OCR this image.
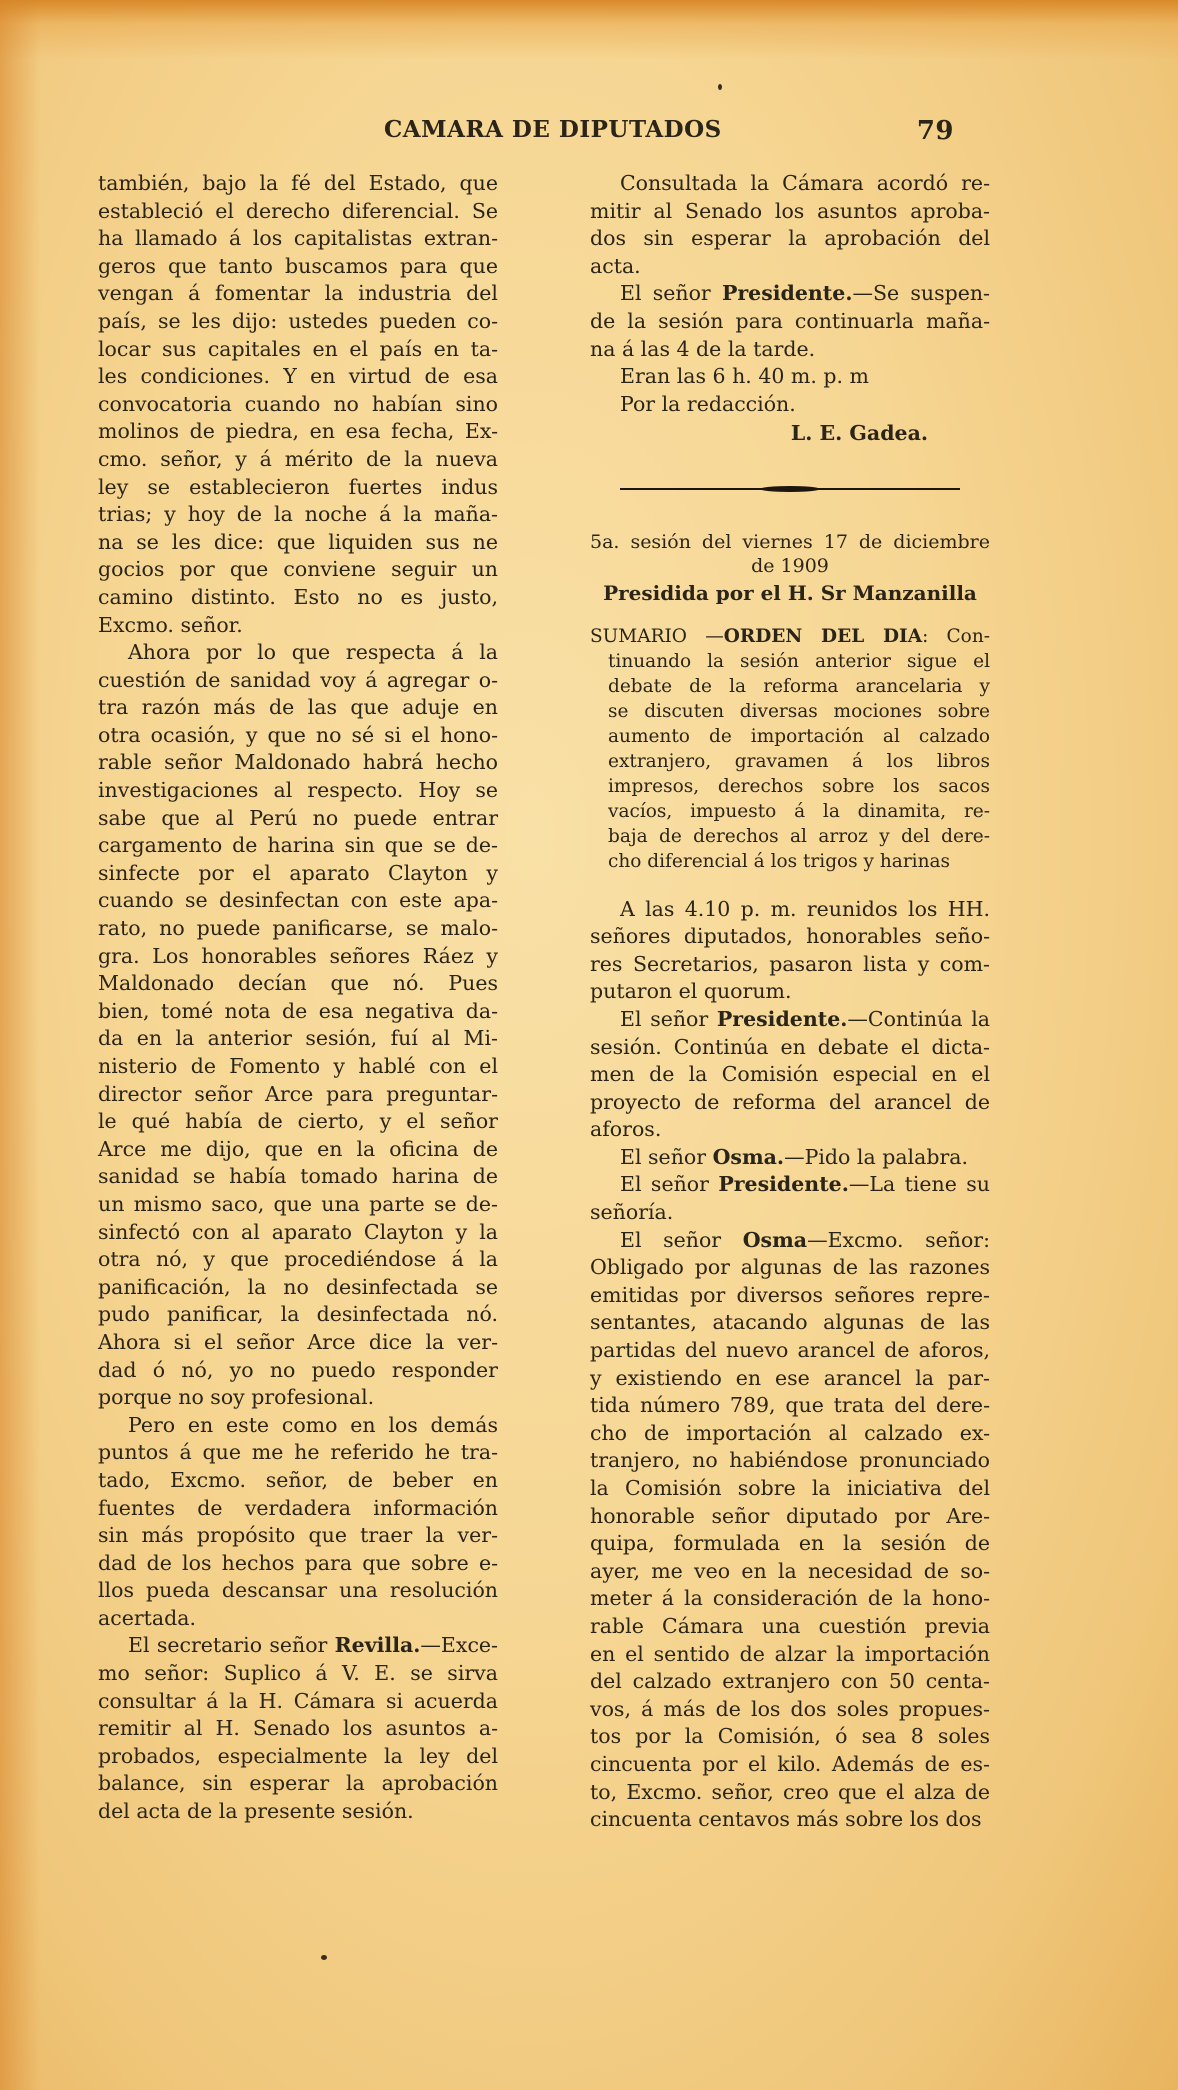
CAMARA DE DIPUTADOS	79
también, bajo la fé del Estado, que
estableció el derecho diferencial. Se
ha llamado á los capitalistas extran-
geros que tanto buscamos para que
vengan á fomentar la industria del
país, se les dijo: ustedes pueden co-
locar sus capitales en el país en ta-
les condiciones. Y en virtud de esa
convocatoria cuando no habían sino
molinos de piedra, en esa fecha, Ex-
cmo. señor, y á mérito de la nueva
ley se establecieron fuertes indus
trias; y hoy de la noche á la maña-
na se les dice: que liquiden sus ne
gocios por que conviene seguir un
camino distinto. Esto no es justo,
Excmo. señor.
Ahora por lo que respecta á la
cuestión de sanidad voy á agregar o-
tra razón más de las que aduje en
otra ocasión, y que no sé si el hono-
rable señor Maldonado habrá hecho
investigaciones al respecto. Hoy se
sabe que al Perú no puede entrar
cargamento de harina sin que se de-
sinfecte por el aparato Clayton y
cuando se desinfectan con este apa-
rato, no puede panificarse, se malo-
gra. Los honorables señores Ráez y
Maldonado decían que nó. Pues
bien, tomé nota de esa negativa da-
da en la anterior sesión, fuí al Mi-
nisterio de Fomento y hablé con el
director señor Arce para preguntar-
le qué había de cierto, y el señor
Arce me dijo, que en la oficina de
sanidad se había tomado harina de
un mismo saco, que una parte se de-
sinfectó con al aparato Clayton y la
otra nó, y que procediéndose á la
panificación, la no desinfectada se
pudo panificar, la desinfectada nó.
Ahora si el señor Arce dice la ver-
dad ó nó, yo no puedo responder
porque no soy profesional.
Pero en este como en los demás
puntos á que me he referido he tra-
tado, Excmo. señor, de beber en
fuentes de verdadera información
sin más propósito que traer la ver-
dad de los hechos para que sobre e-
llos pueda descansar una resolución
acertada.
El secretario señor Revilla.—Exce-
mo señor: Suplico á V. E. se sirva
consultar á la H. Cámara si acuerda
remitir al H. Senado los asuntos a-
probados, especialmente la ley del
balance, sin esperar la aprobación
del acta de la presente sesión.
Consultada la Cámara acordó re-
mitir al Senado los asuntos aproba-
dos sin esperar la aprobación del
acta.
El señor Presidente.—Se suspen-
de la sesión para continuarla maña-
na á las 4 de la tarde.
Eran las 6 h. 40 m. p. m
Por la redacción.
L. E. Gadea.
5a. sesión del viernes 17 de diciembre
de 1909
Presidida por el H. Sr Manzanilla
SUMARIO —ORDEN DEL DIA: Con-
tinuando la sesión anterior sigue el
debate de la reforma arancelaria y
se discuten diversas mociones sobre
aumento de importación al calzado
extranjero, gravamen á los libros
impresos, derechos sobre los sacos
vacíos, impuesto á la dinamita, re-
baja de derechos al arroz y del dere-
cho diferencial á los trigos y harinas
A las 4.10 p. m. reunidos los HH.
señores diputados, honorables seño-
res Secretarios, pasaron lista y com-
putaron el quorum.
El señor Presidente.—Continúa la
sesión. Continúa en debate el dicta-
men de la Comisión especial en el
proyecto de reforma del arancel de
aforos.
El señor Osma.—Pido la palabra.
El señor Presidente.—La tiene su
señoría.
El señor Osma—Excmo. señor:
Obligado por algunas de las razones
emitidas por diversos señores repre-
sentantes, atacando algunas de las
partidas del nuevo arancel de aforos,
y existiendo en ese arancel la par-
tida número 789, que trata del dere-
cho de importación al calzado ex-
tranjero, no habiéndose pronunciado
la Comisión sobre la iniciativa del
honorable señor diputado por Are-
quipa, formulada en la sesión de
ayer, me veo en la necesidad de so-
meter á la consideración de la hono-
rable Cámara una cuestión previa
en el sentido de alzar la importación
del calzado extranjero con 50 centa-
vos, á más de los dos soles propues-
tos por la Comisión, ó sea 8 soles
cincuenta por el kilo. Además de es-
to, Excmo. señor, creo que el alza de
cincuenta centavos más sobre los dos
